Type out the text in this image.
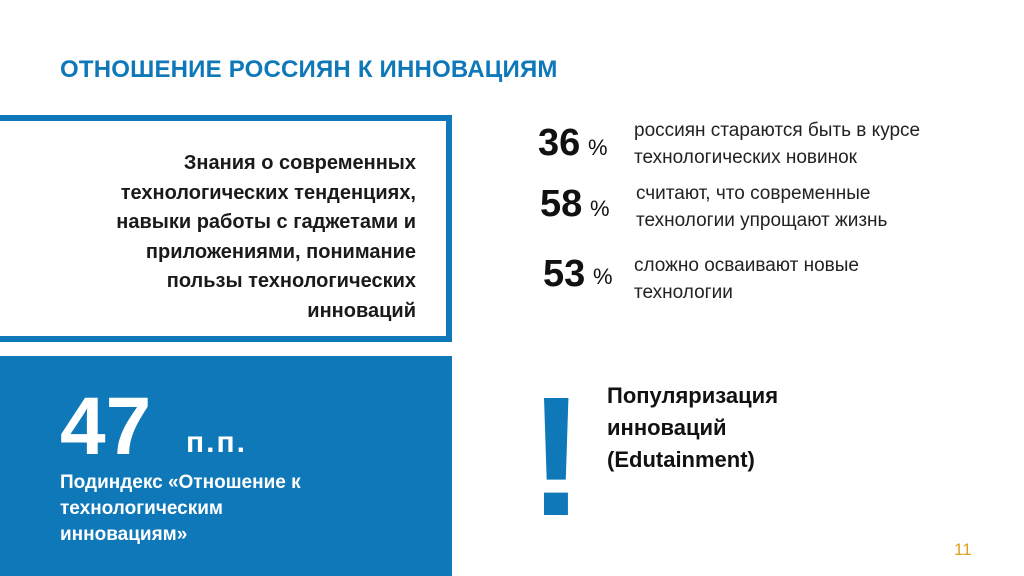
ОТНОШЕНИЕ РОССИЯН К ИННОВАЦИЯМ
Знания о современных
технологических тенденциях,
навыки работы с гаджетами и
приложениями, понимание
пользы технологических
инноваций
47 п.п.
Подиндекс «Отношение к
технологическим
инновациям»
36 %
россиян стараются быть в курсе
технологических новинок
58 %
считают, что современные
технологии упрощают жизнь
53 % сложно осваивают новые
технологии
! Популяризация
инноваций
(Edutainment)
11
